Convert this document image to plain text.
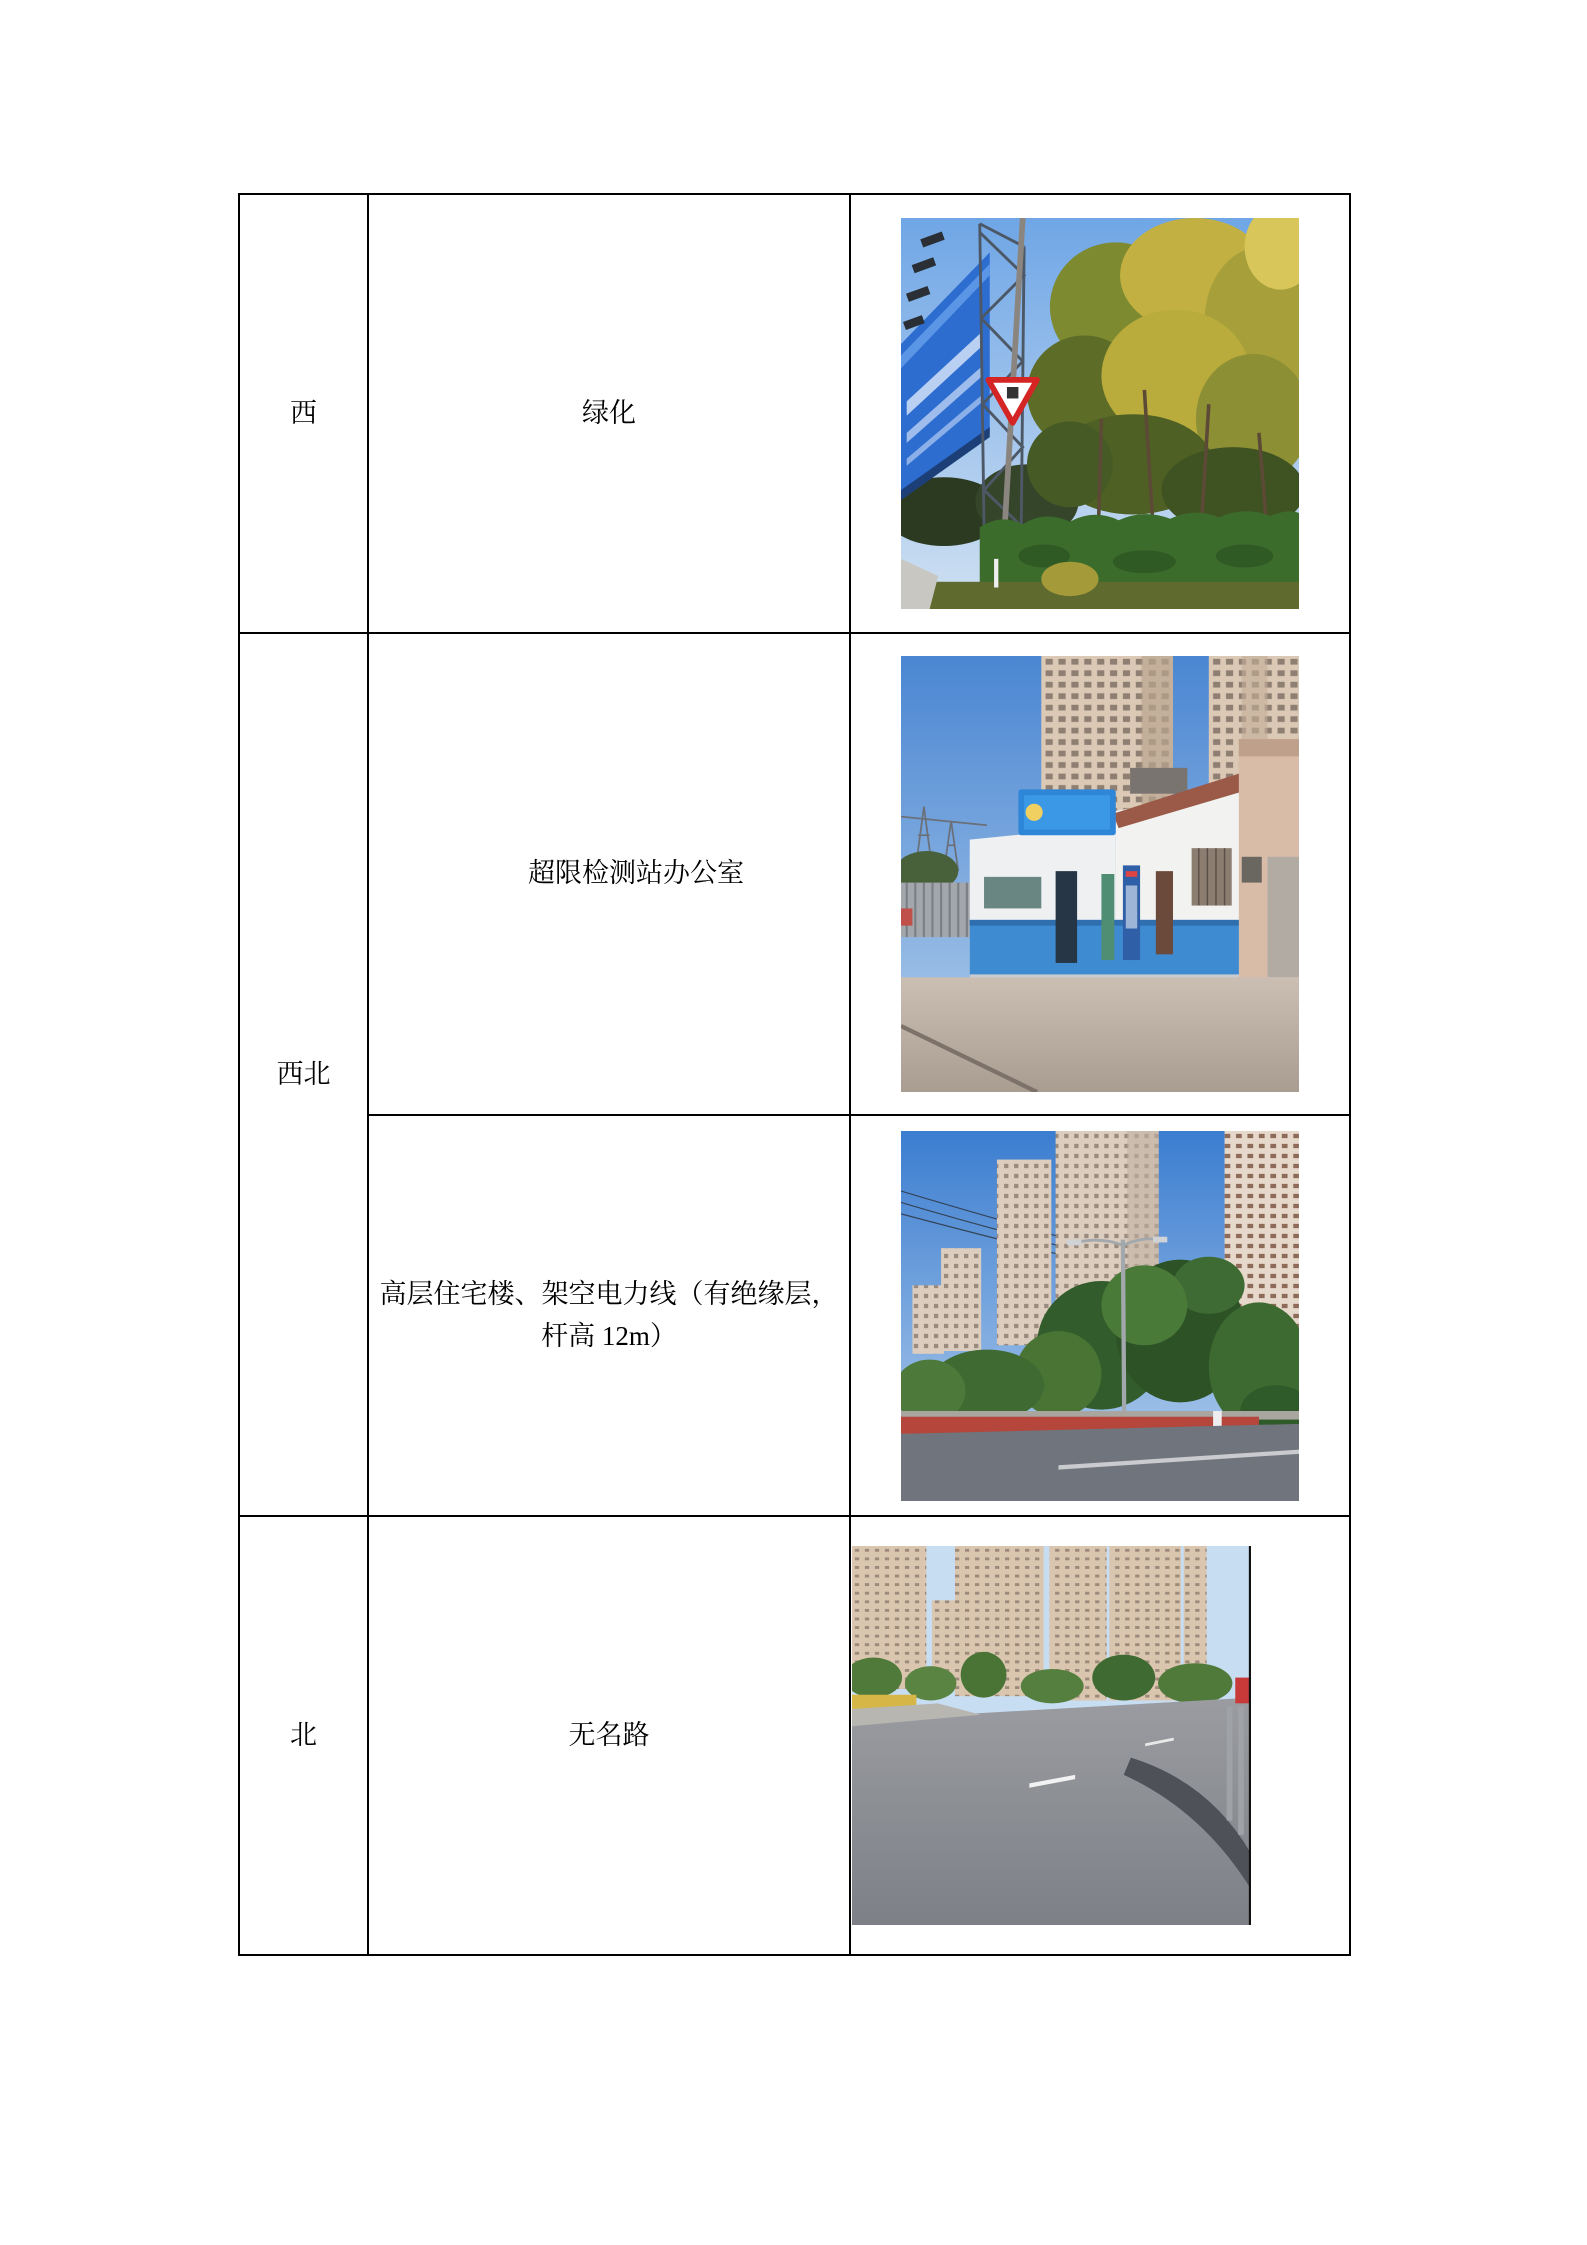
西	绿化	

西北	超限检测站办公室	

	高层住宅楼、架空电力线（有绝缘层，杆高 12m）	

北	无名路	
